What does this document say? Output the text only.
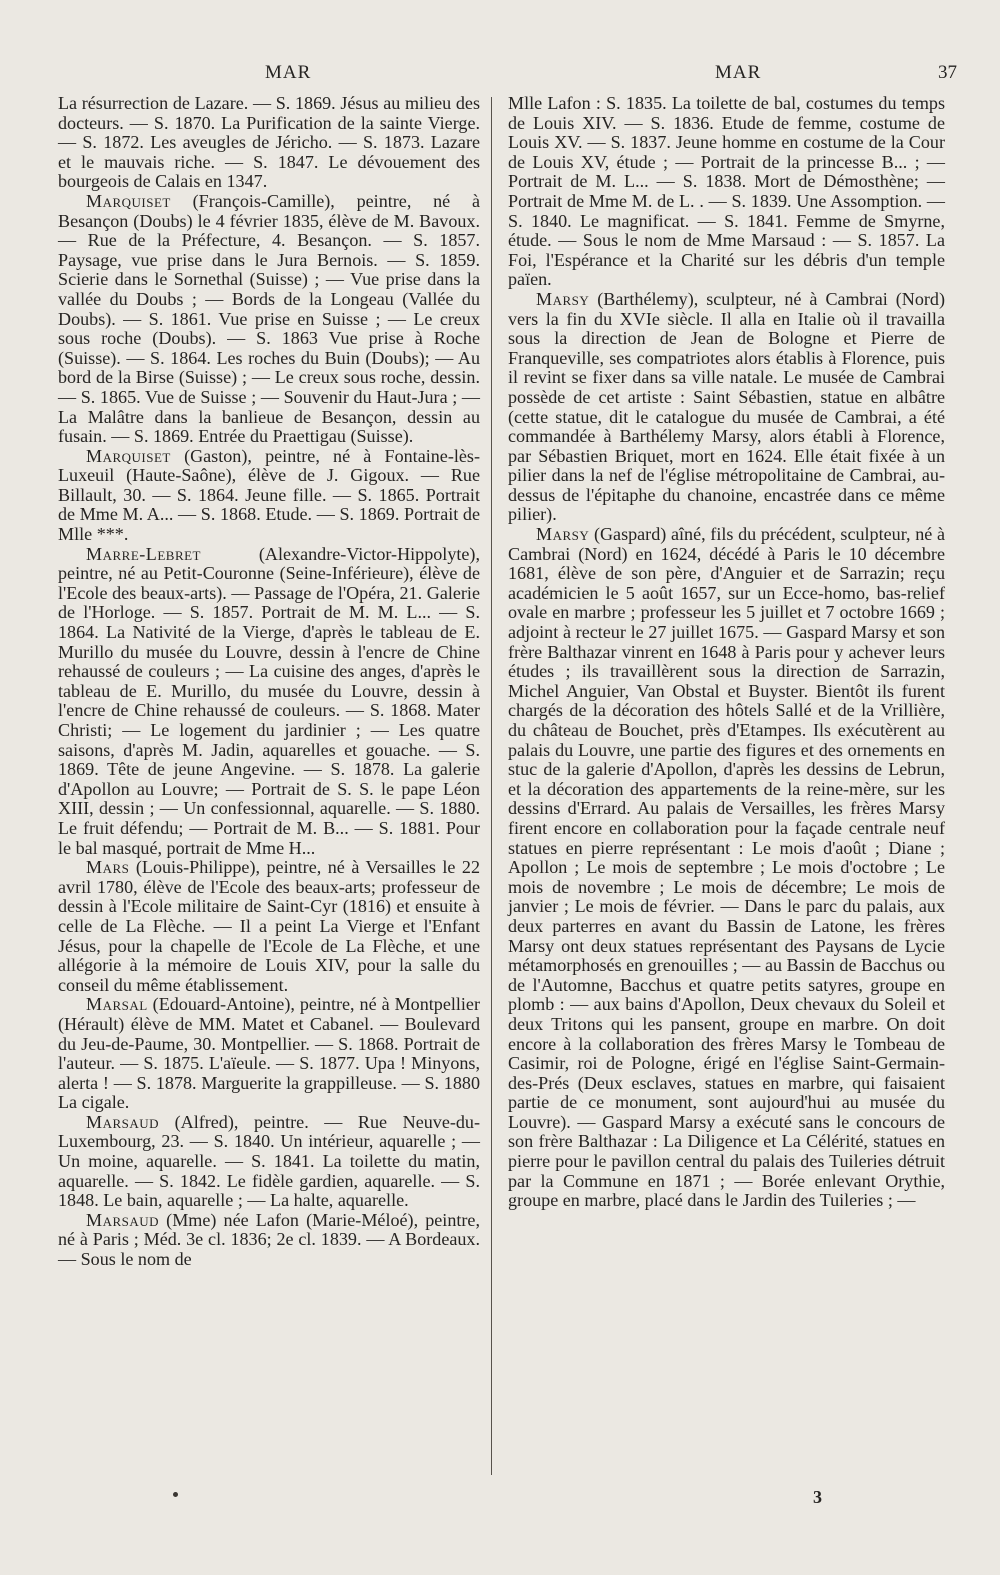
MAR	MAR	37

La résurrection de Lazare. — S. 1869. Jésus au milieu des docteurs. — S. 1870. La Purification de la sainte Vierge. — S. 1872. Les aveugles de Jéricho. — S. 1873. Lazare et le mauvais riche. — S. 1847. Le dévouement des bourgeois de Calais en 1347.

Marquiset (François-Camille), peintre, né à Besançon (Doubs) le 4 février 1835, élève de M. Bavoux. — Rue de la Préfecture, 4. Besançon. — S. 1857. Paysage, vue prise dans le Jura Bernois. — S. 1859. Scierie dans le Sornethal (Suisse) ; — Vue prise dans la vallée du Doubs ; — Bords de la Longeau (Vallée du Doubs). — S. 1861. Vue prise en Suisse ; — Le creux sous roche (Doubs). — S. 1863 Vue prise à Roche (Suisse). — S. 1864. Les roches du Buin (Doubs); — Au bord de la Birse (Suisse) ; — Le creux sous roche, dessin. — S. 1865. Vue de Suisse ; — Souvenir du Haut-Jura ; — La Malâtre dans la banlieue de Besançon, dessin au fusain. — S. 1869. Entrée du Praettigau (Suisse).

Marquiset (Gaston), peintre, né à Fontaine-lès-Luxeuil (Haute-Saône), élève de J. Gigoux. — Rue Billault, 30. — S. 1864. Jeune fille. — S. 1865. Portrait de Mme M. A... — S. 1868. Etude. — S. 1869. Portrait de Mlle ***.

Marre-Lebret (Alexandre-Victor-Hippolyte), peintre, né au Petit-Couronne (Seine-Inférieure), élève de l'Ecole des beaux-arts). — Passage de l'Opéra, 21. Galerie de l'Horloge. — S. 1857. Portrait de M. M. L... — S. 1864. La Nativité de la Vierge, d'après le tableau de E. Murillo du musée du Louvre, dessin à l'encre de Chine rehaussé de couleurs ; — La cuisine des anges, d'après le tableau de E. Murillo, du musée du Louvre, dessin à l'encre de Chine rehaussé de couleurs. — S. 1868. Mater Christi; — Le logement du jardinier ; — Les quatre saisons, d'après M. Jadin, aquarelles et gouache. — S. 1869. Tête de jeune Angevine. — S. 1878. La galerie d'Apollon au Louvre; — Portrait de S. S. le pape Léon XIII, dessin ; — Un confessionnal, aquarelle. — S. 1880. Le fruit défendu; — Portrait de M. B... — S. 1881. Pour le bal masqué, portrait de Mme H...

Mars (Louis-Philippe), peintre, né à Versailles le 22 avril 1780, élève de l'Ecole des beaux-arts; professeur de dessin à l'Ecole militaire de Saint-Cyr (1816) et ensuite à celle de La Flèche. — Il a peint La Vierge et l'Enfant Jésus, pour la chapelle de l'Ecole de La Flèche, et une allégorie à la mémoire de Louis XIV, pour la salle du conseil du même établissement.

Marsal (Edouard-Antoine), peintre, né à Montpellier (Hérault) élève de MM. Matet et Cabanel. — Boulevard du Jeu-de-Paume, 30. Montpellier. — S. 1868. Portrait de l'auteur. — S. 1875. L'aïeule. — S. 1877. Upa ! Minyons, alerta ! — S. 1878. Marguerite la grappilleuse. — S. 1880 La cigale.

Marsaud (Alfred), peintre. — Rue Neuve-du-Luxembourg, 23. — S. 1840. Un intérieur, aquarelle ; — Un moine, aquarelle. — S. 1841. La toilette du matin, aquarelle. — S. 1842. Le fidèle gardien, aquarelle. — S. 1848. Le bain, aquarelle ; — La halte, aquarelle.

Marsaud (Mme) née Lafon (Marie-Méloé), peintre, né à Paris ; Méd. 3e cl. 1836; 2e cl. 1839. — A Bordeaux. — Sous le nom de

Mlle Lafon : S. 1835. La toilette de bal, costumes du temps de Louis XIV. — S. 1836. Etude de femme, costume de Louis XV. — S. 1837. Jeune homme en costume de la Cour de Louis XV, étude ; — Portrait de la princesse B... ; — Portrait de M. L... — S. 1838. Mort de Démosthène; — Portrait de Mme M. de L. . — S. 1839. Une Assomption. — S. 1840. Le magnificat. — S. 1841. Femme de Smyrne, étude. — Sous le nom de Mme Marsaud : — S. 1857. La Foi, l'Espérance et la Charité sur les débris d'un temple païen.

Marsy (Barthélemy), sculpteur, né à Cambrai (Nord) vers la fin du XVIe siècle. Il alla en Italie où il travailla sous la direction de Jean de Bologne et Pierre de Franqueville, ses compatriotes alors établis à Florence, puis il revint se fixer dans sa ville natale. Le musée de Cambrai possède de cet artiste : Saint Sébastien, statue en albâtre (cette statue, dit le catalogue du musée de Cambrai, a été commandée à Barthélemy Marsy, alors établi à Florence, par Sébastien Briquet, mort en 1624. Elle était fixée à un pilier dans la nef de l'église métropolitaine de Cambrai, au-dessus de l'épitaphe du chanoine, encastrée dans ce même pilier).

Marsy (Gaspard) aîné, fils du précédent, sculpteur, né à Cambrai (Nord) en 1624, décédé à Paris le 10 décembre 1681, élève de son père, d'Anguier et de Sarrazin; reçu académicien le 5 août 1657, sur un Ecce-homo, bas-relief ovale en marbre ; professeur les 5 juillet et 7 octobre 1669 ; adjoint à recteur le 27 juillet 1675. — Gaspard Marsy et son frère Balthazar vinrent en 1648 à Paris pour y achever leurs études ; ils travaillèrent sous la direction de Sarrazin, Michel Anguier, Van Obstal et Buyster. Bientôt ils furent chargés de la décoration des hôtels Sallé et de la Vrillière, du château de Bouchet, près d'Etampes. Ils exécutèrent au palais du Louvre, une partie des figures et des ornements en stuc de la galerie d'Apollon, d'après les dessins de Lebrun, et la décoration des appartements de la reine-mère, sur les dessins d'Errard. Au palais de Versailles, les frères Marsy firent encore en collaboration pour la façade centrale neuf statues en pierre représentant : Le mois d'août ; Diane ; Apollon ; Le mois de septembre ; Le mois d'octobre ; Le mois de novembre ; Le mois de décembre; Le mois de janvier ; Le mois de février. — Dans le parc du palais, aux deux parterres en avant du Bassin de Latone, les frères Marsy ont deux statues représentant des Paysans de Lycie métamorphosés en grenouilles ; — au Bassin de Bacchus ou de l'Automne, Bacchus et quatre petits satyres, groupe en plomb : — aux bains d'Apollon, Deux chevaux du Soleil et deux Tritons qui les pansent, groupe en marbre. On doit encore à la collaboration des frères Marsy le Tombeau de Casimir, roi de Pologne, érigé en l'église Saint-Germain-des-Prés (Deux esclaves, statues en marbre, qui faisaient partie de ce monument, sont aujourd'hui au musée du Louvre). — Gaspard Marsy a exécuté sans le concours de son frère Balthazar : La Diligence et La Célérité, statues en pierre pour le pavillon central du palais des Tuileries détruit par la Commune en 1871 ; — Borée enlevant Orythie, groupe en marbre, placé dans le Jardin des Tuileries ; —

3
